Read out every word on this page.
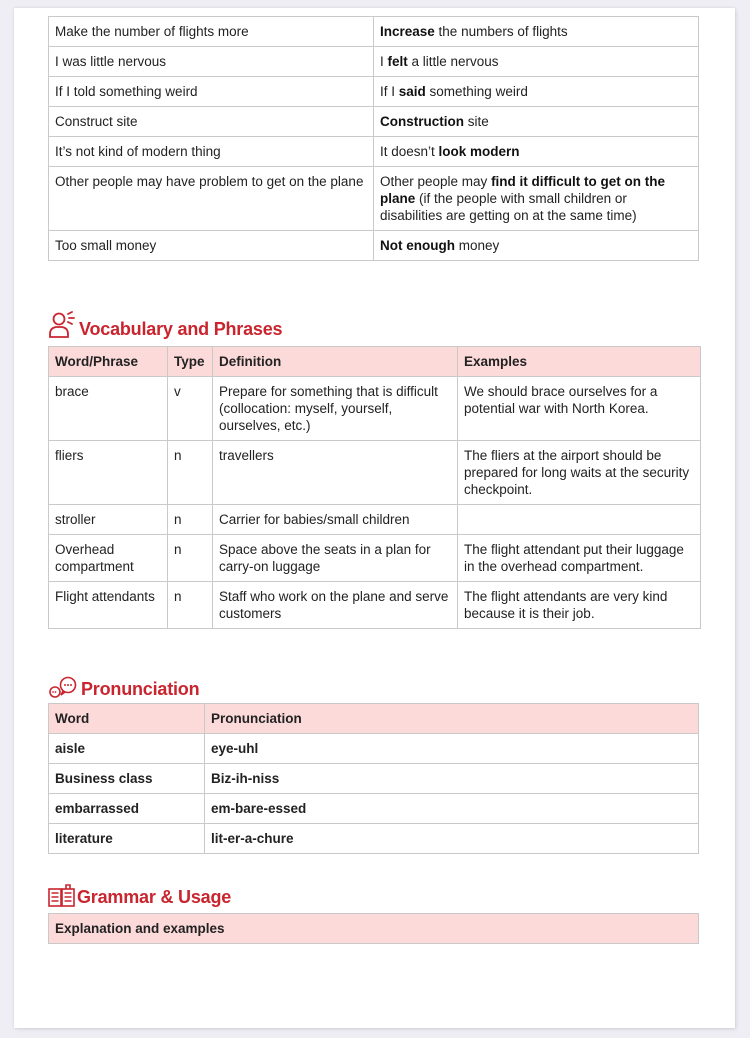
Make the number of flights more	Increase the numbers of flights
I was little nervous	I felt a little nervous
If I told something weird	If I said something weird
Construct site	Construction site
It’s not kind of modern thing	It doesn’t look modern
Other people may have problem to get on the plane	Other people may find it difficult to get on the plane (if the people with small children or disabilities are getting on at the same time)
Too small money	Not enough money
Vocabulary and Phrases
Word/Phrase	Type	Definition	Examples
brace	v	Prepare for something that is difficult (collocation: myself, yourself, ourselves, etc.)	We should brace ourselves for a potential war with North Korea.
fliers	n	travellers	The fliers at the airport should be prepared for long waits at the security checkpoint.
stroller	n	Carrier for babies/small children	
Overhead compartment	n	Space above the seats in a plan for carry-on luggage	The flight attendant put their luggage in the overhead compartment.
Flight attendants	n	Staff who work on the plane and serve customers	The flight attendants are very kind because it is their job.
Pronunciation
Word	Pronunciation
aisle	eye-uhl
Business class	Biz-ih-niss
embarrassed	em-bare-essed
literature	lit-er-a-chure
Grammar & Usage
Explanation and examples
